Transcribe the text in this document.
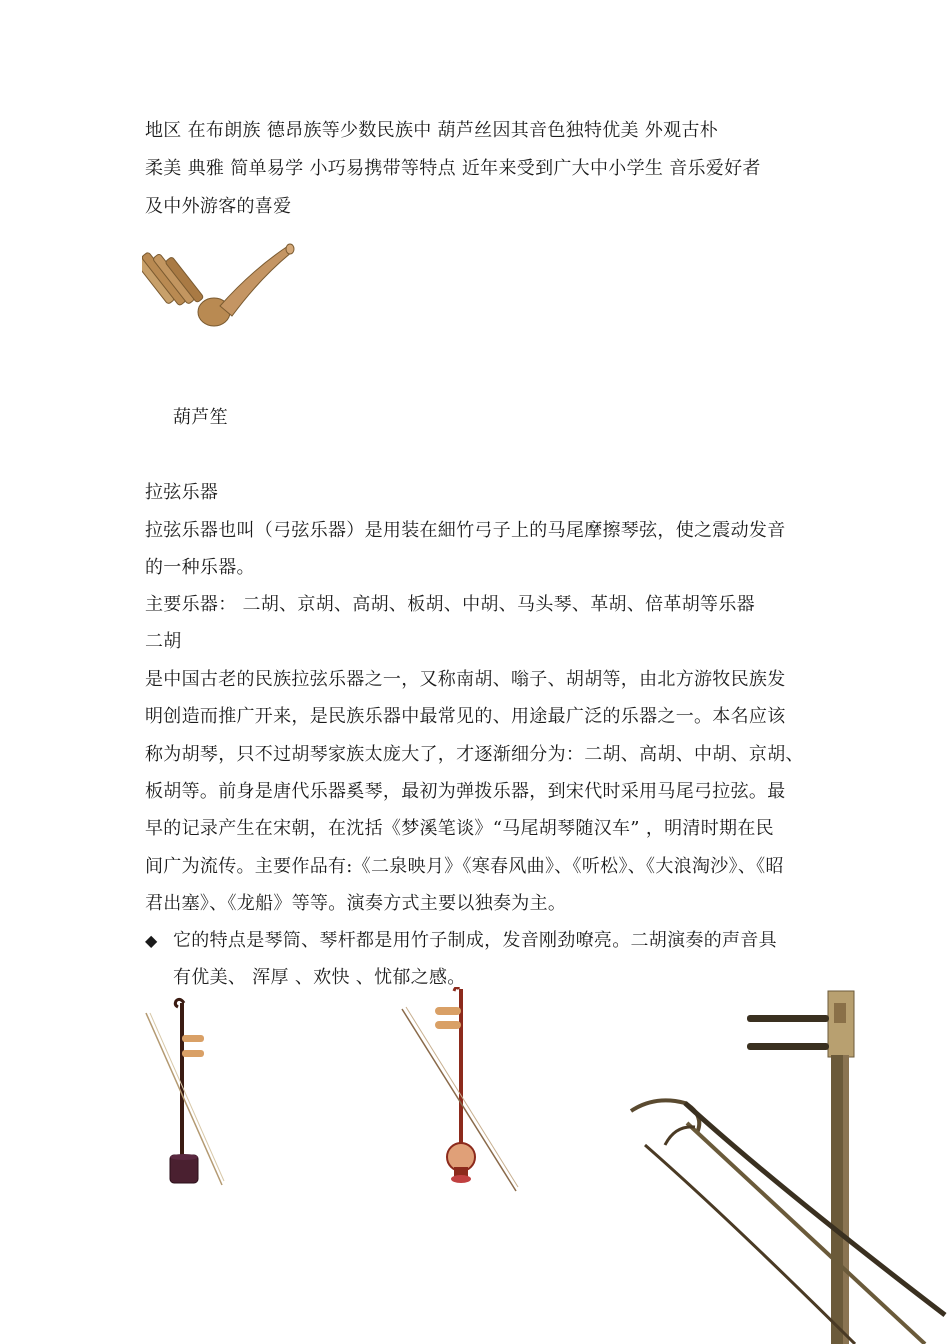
地区 在布朗族 德昂族等少数民族中 葫芦丝因其音色独特优美 外观古朴
柔美 典雅 简单易学 小巧易携带等特点 近年来受到广大中小学生 音乐爱好者
及中外游客的喜爱
葫芦笙
拉弦乐器
拉弦乐器也叫（弓弦乐器）是用装在細竹弓子上的马尾摩擦琴弦，使之震动发音
的一种乐器。
主要乐器： 二胡、京胡、高胡、板胡、中胡、马头琴、革胡、倍革胡等乐器
二胡
是中国古老的民族拉弦乐器之一，又称南胡、嗡子、胡胡等，由北方游牧民族发
明创造而推广开来，是民族乐器中最常见的、用途最广泛的乐器之一。本名应该
称为胡琴，只不过胡琴家族太庞大了，才逐渐细分为：二胡、高胡、中胡、京胡、
板胡等。前身是唐代乐器奚琴，最初为弹拨乐器，到宋代时采用马尾弓拉弦。最
早的记录产生在宋朝，在沈括《梦溪笔谈》“马尾胡琴随汉车” ，明清时期在民
间广为流传。主要作品有:《二泉映月》《寒春风曲》、《听松》、《大浪淘沙》、《昭
君出塞》、《龙船》等等。演奏方式主要以独奏为主。
◆ 它的特点是琴筒、琴杆都是用竹子制成，发音刚劲嘹亮。二胡演奏的声音具
有优美、 浑厚 、欢快 、忧郁之感。
